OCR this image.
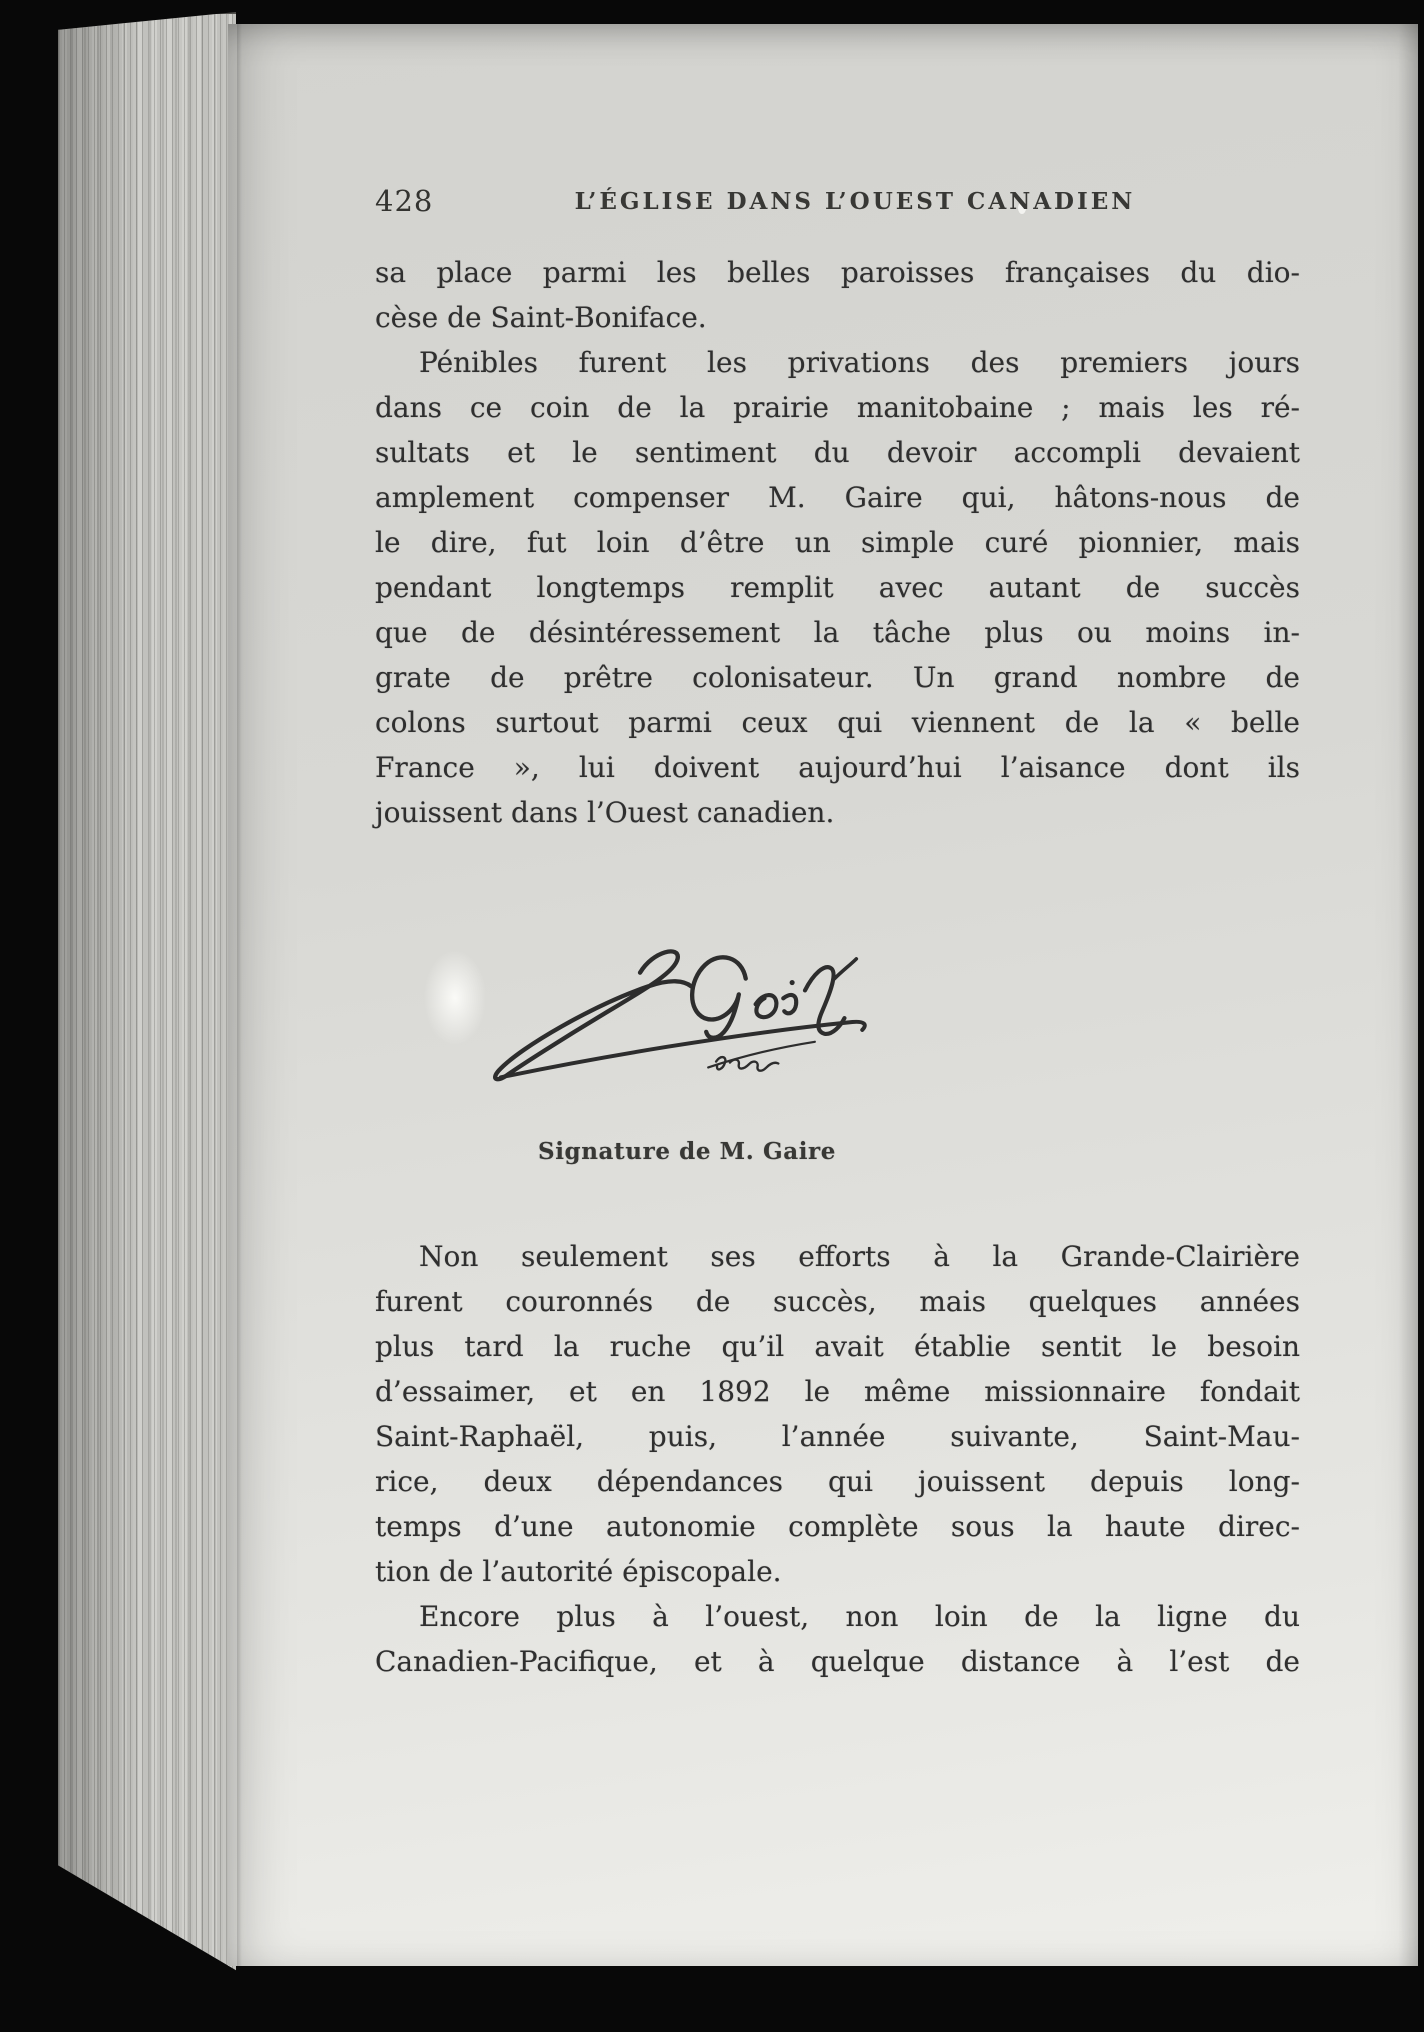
428	L’ÉGLISE DANS L’OUEST CANADIEN
sa place parmi les belles paroisses françaises du dio-
cèse de Saint-Boniface.
Pénibles furent les privations des premiers jours
dans ce coin de la prairie manitobaine ; mais les ré-
sultats et le sentiment du devoir accompli devaient
amplement compenser M. Gaire qui, hâtons-nous de
le dire, fut loin d’être un simple curé pionnier, mais
pendant longtemps remplit avec autant de succès
que de désintéressement la tâche plus ou moins in-
grate de prêtre colonisateur. Un grand nombre de
colons surtout parmi ceux qui viennent de la « belle
France », lui doivent aujourd’hui l’aisance dont ils
jouissent dans l’Ouest canadien.
Signature de M. Gaire
Non seulement ses efforts à la Grande-Clairière
furent couronnés de succès, mais quelques années
plus tard la ruche qu’il avait établie sentit le besoin
d’essaimer, et en 1892 le même missionnaire fondait
Saint-Raphaël, puis, l’année suivante, Saint-Mau-
rice, deux dépendances qui jouissent depuis long-
temps d’une autonomie complète sous la haute direc-
tion de l’autorité épiscopale.
Encore plus à l’ouest, non loin de la ligne du
Canadien-Pacifique, et à quelque distance à l’est de
